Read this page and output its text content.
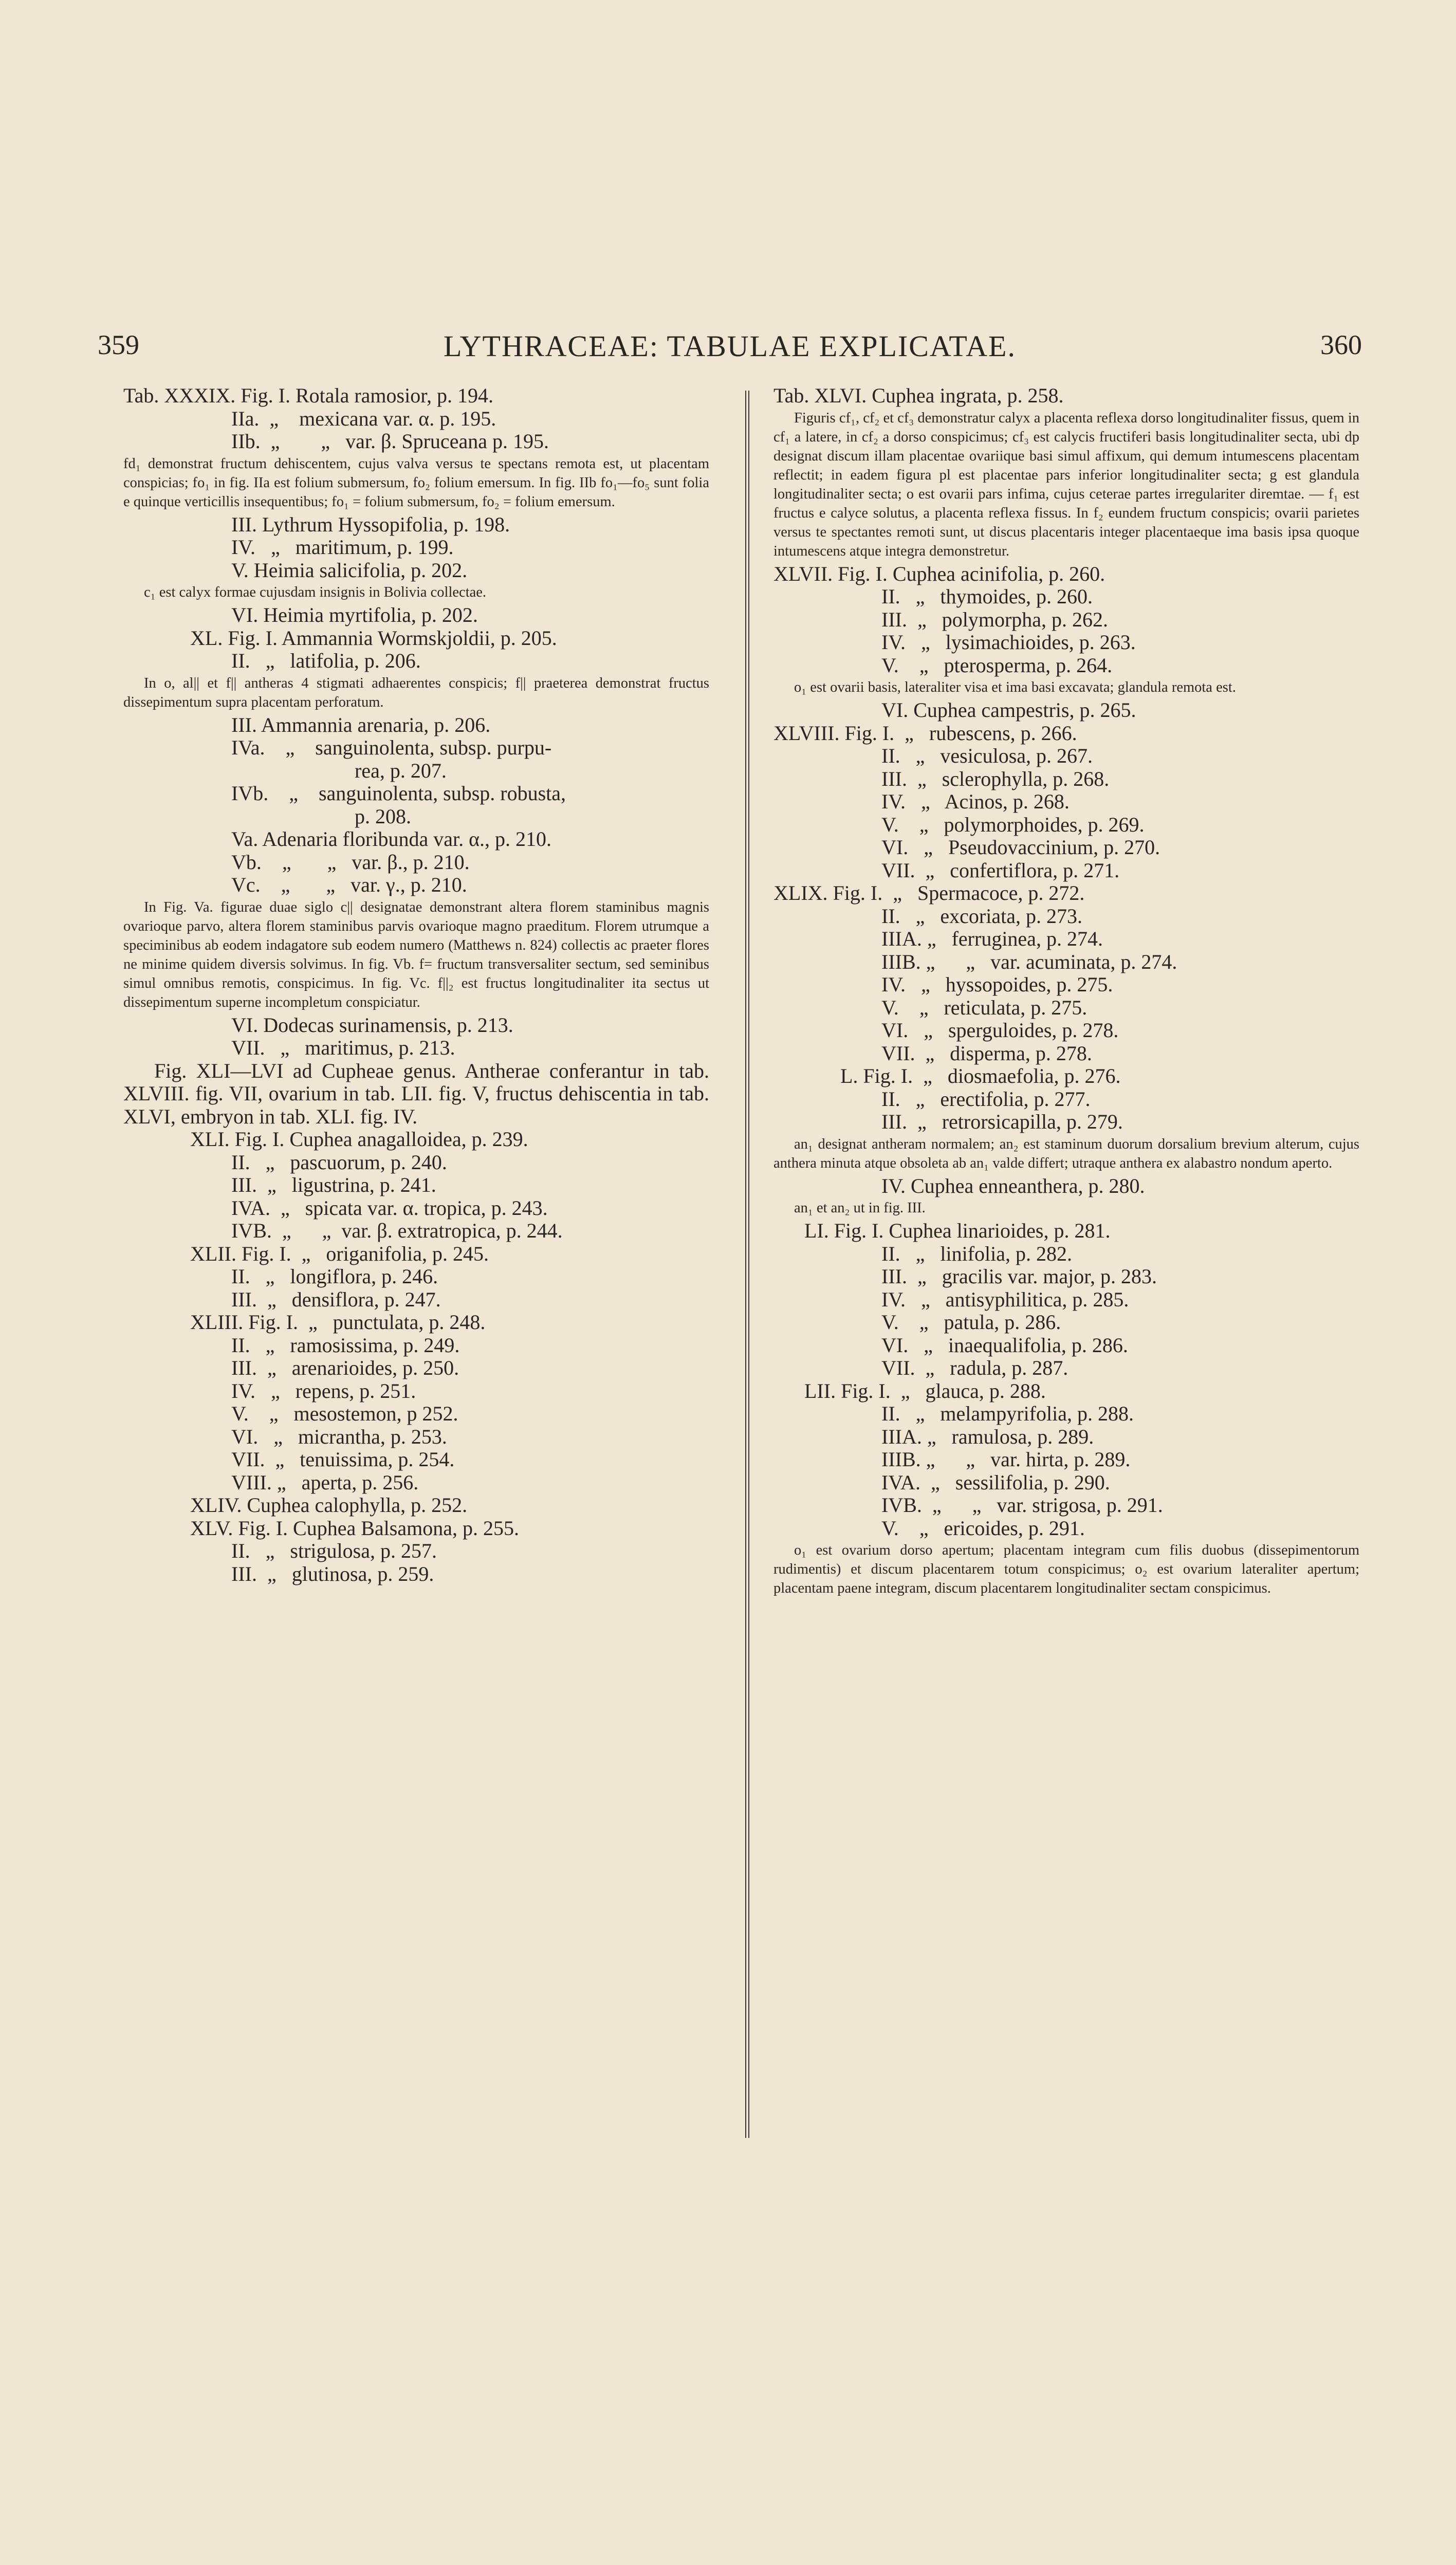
359	LYTHRACEAE: TABULAE EXPLICATAE.	360
Tab. XXXIX. Fig. I. Rotala ramosior, p. 194.
IIa.  „    mexicana var. α. p. 195.
IIb.  „        „   var. β. Spruceana p. 195.
fd₁ demonstrat fructum dehiscentem, cujus valva versus te spectans remota est, ut placentam conspicias; fo₁ in fig. IIa est folium submersum, fo₂ folium emersum. In fig. IIb fo₁—fo₅ sunt folia e quinque verticillis insequentibus; fo₁ = folium submersum, fo₂ = folium emersum.
III. Lythrum Hyssopifolia, p. 198.
IV.   „   maritimum, p. 199.
V. Heimia salicifolia, p. 202.
c₁ est calyx formae cujusdam insignis in Bolivia collectae.
VI. Heimia myrtifolia, p. 202.
XL. Fig. I. Ammannia Wormskjoldii, p. 205.
II.   „   latifolia, p. 206.
In o, al|| et f|| antheras 4 stigmati adhaerentes conspicis; f|| praeterea demonstrat fructus dissepimentum supra placentam perforatum.
III. Ammannia arenaria, p. 206.
IVa.    „    sanguinolenta, subsp. purpu-
rea, p. 207.
IVb.    „    sanguinolenta, subsp. robusta,
p. 208.
Va. Adenaria floribunda var. α., p. 210.
Vb.    „       „   var. β., p. 210.
Vc.    „       „   var. γ., p. 210.
In Fig. Va. figurae duae siglo c|| designatae demonstrant altera florem staminibus magnis ovarioque parvo, altera florem staminibus parvis ovarioque magno praeditum. Florem utrumque a speciminibus ab eodem indagatore sub eodem numero (Matthews n. 824) collectis ac praeter flores ne minime quidem diversis solvimus. In fig. Vb. f= fructum transversaliter sectum, sed seminibus simul omnibus remotis, conspicimus. In fig. Vc. f||₂ est fructus longitudinaliter ita sectus ut dissepimentum superne incompletum conspiciatur.
VI. Dodecas surinamensis, p. 213.
VII.   „   maritimus, p. 213.
Fig. XLI—LVI ad Cupheae genus. Antherae conferantur in tab. XLVIII. fig. VII, ovarium in tab. LII. fig. V, fructus dehiscentia in tab. XLVI, embryon in tab. XLI. fig. IV.
XLI. Fig. I. Cuphea anagalloidea, p. 239.
II.   „   pascuorum, p. 240.
III.  „   ligustrina, p. 241.
IVA.  „   spicata var. α. tropica, p. 243.
IVB.  „      „  var. β. extratropica, p. 244.
XLII. Fig. I.  „   origanifolia, p. 245.
II.   „   longiflora, p. 246.
III.  „   densiflora, p. 247.
XLIII. Fig. I.  „   punctulata, p. 248.
II.   „   ramosissima, p. 249.
III.  „   arenarioides, p. 250.
IV.   „   repens, p. 251.
V.    „   mesostemon, p 252.
VI.   „   micrantha, p. 253.
VII.  „   tenuissima, p. 254.
VIII. „   aperta, p. 256.
XLIV. Cuphea calophylla, p. 252.
XLV. Fig. I. Cuphea Balsamona, p. 255.
II.   „   strigulosa, p. 257.
III.  „   glutinosa, p. 259.
Tab. XLVI. Cuphea ingrata, p. 258.
Figuris cf₁, cf₂ et cf₃ demonstratur calyx a placenta reflexa dorso longitudinaliter fissus, quem in cf₁ a latere, in cf₂ a dorso conspicimus; cf₃ est calycis fructiferi basis longitudinaliter secta, ubi dp designat discum illam placentae ovariique basi simul affixum, qui demum intumescens placentam reflectit; in eadem figura pl est placentae pars inferior longitudinaliter secta; g est glandula longitudinaliter secta; o est ovarii pars infima, cujus ceterae partes irregulariter diremtae. — f₁ est fructus e calyce solutus, a placenta reflexa fissus. In f₂ eundem fructum conspicis; ovarii parietes versus te spectantes remoti sunt, ut discus placentaris integer placentaeque ima basis ipsa quoque intumescens atque integra demonstretur.
XLVII. Fig. I. Cuphea acinifolia, p. 260.
II.   „   thymoides, p. 260.
III.  „   polymorpha, p. 262.
IV.   „   lysimachioides, p. 263.
V.    „   pterosperma, p. 264.
o₁ est ovarii basis, lateraliter visa et ima basi excavata; glandula remota est.
VI. Cuphea campestris, p. 265.
XLVIII. Fig. I.  „   rubescens, p. 266.
II.   „   vesiculosa, p. 267.
III.  „   sclerophylla, p. 268.
IV.   „   Acinos, p. 268.
V.    „   polymorphoides, p. 269.
VI.   „   Pseudovaccinium, p. 270.
VII.  „   confertiflora, p. 271.
XLIX. Fig. I.  „   Spermacoce, p. 272.
II.   „   excoriata, p. 273.
IIIA. „   ferruginea, p. 274.
IIIB. „      „   var. acuminata, p. 274.
IV.   „   hyssopoides, p. 275.
V.    „   reticulata, p. 275.
VI.   „   sperguloides, p. 278.
VII.  „   disperma, p. 278.
L. Fig. I.  „   diosmaefolia, p. 276.
II.   „   erectifolia, p. 277.
III.  „   retrorsicapilla, p. 279.
an₁ designat antheram normalem; an₂ est staminum duorum dorsalium brevium alterum, cujus anthera minuta atque obsoleta ab an₁ valde differt; utraque anthera ex alabastro nondum aperto.
IV. Cuphea enneanthera, p. 280.
an₁ et an₂ ut in fig. III.
LI. Fig. I. Cuphea linarioides, p. 281.
II.   „   linifolia, p. 282.
III.  „   gracilis var. major, p. 283.
IV.   „   antisyphilitica, p. 285.
V.    „   patula, p. 286.
VI.   „   inaequalifolia, p. 286.
VII.  „   radula, p. 287.
LII. Fig. I.  „   glauca, p. 288.
II.   „   melampyrifolia, p. 288.
IIIA. „   ramulosa, p. 289.
IIIB. „      „   var. hirta, p. 289.
IVA.  „   sessilifolia, p. 290.
IVB.  „      „   var. strigosa, p. 291.
V.    „   ericoides, p. 291.
o₁ est ovarium dorso apertum; placentam integram cum filis duobus (dissepimentorum rudimentis) et discum placentarem totum conspicimus; o₂ est ovarium lateraliter apertum; placentam paene integram, discum placentarem longitudinaliter sectam conspicimus.
